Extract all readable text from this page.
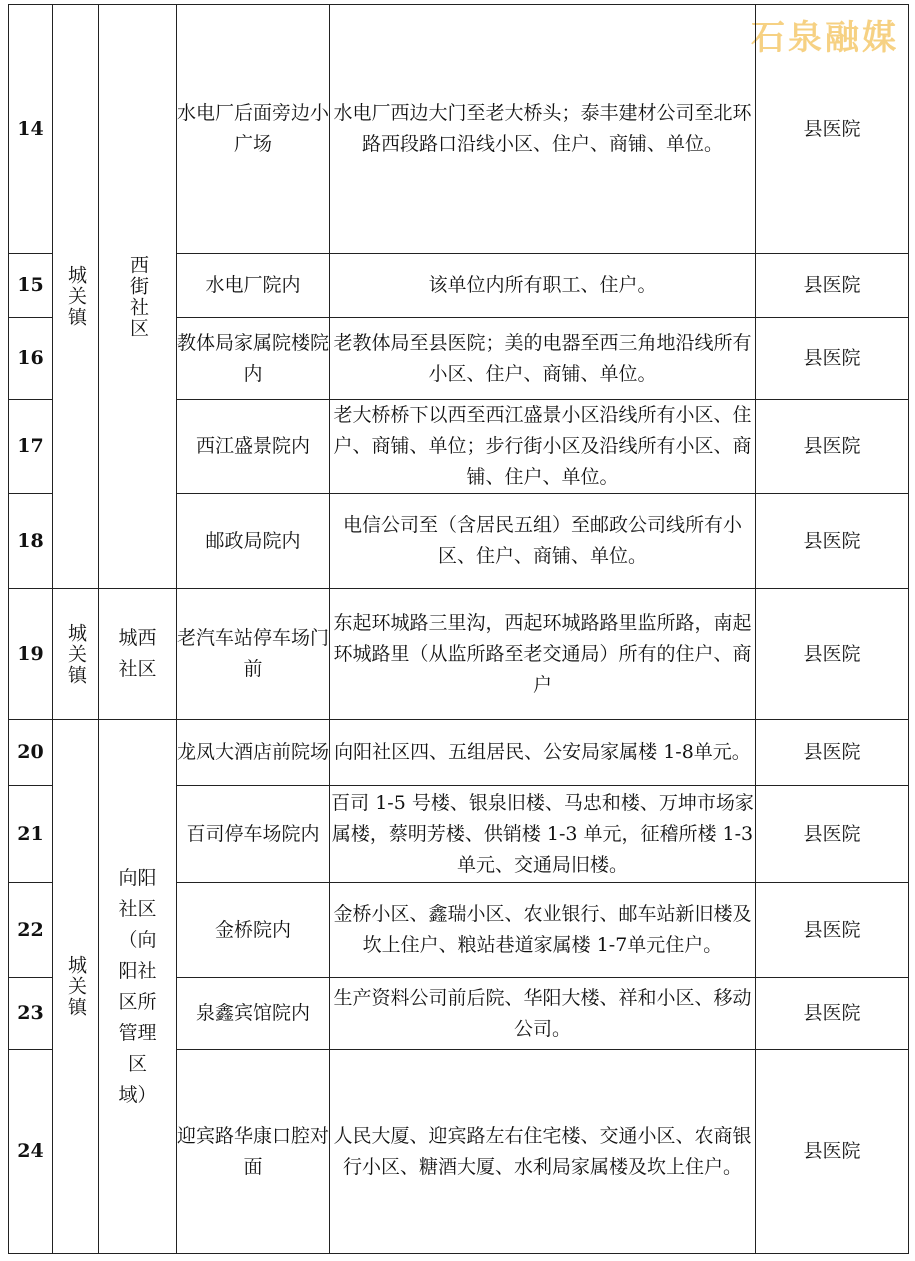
石泉融媒
14	城关镇	西街社区	水电厂后面旁边小广场	水电厂西边大门至老大桥头；泰丰建材公司至北环路西段路口沿线小区、住户、商铺、单位。	县医院
15			水电厂院内	该单位内所有职工、住户。	县医院
16			教体局家属院楼院内	老教体局至县医院；美的电器至西三角地沿线所有小区、住户、商铺、单位。	县医院
17			西江盛景院内	老大桥桥下以西至西江盛景小区沿线所有小区、住户、商铺、单位；步行街小区及沿线所有小区、商铺、住户、单位。	县医院
18			邮政局院内	电信公司至（含居民五组）至邮政公司线所有小区、住户、商铺、单位。	县医院
19	城关镇	城西社区	老汽车站停车场门前	东起环城路三里沟，西起环城路路里监所路，南起环城路里（从监所路至老交通局）所有的住户、商户	县医院
20	城关镇	向阳社区（向阳社区所管理区域）	龙凤大酒店前院场	向阳社区四、五组居民、公安局家属楼 1-8单元。	县医院
21			百司停车场院内	百司 1-5 号楼、银泉旧楼、马忠和楼、万坤市场家属楼，蔡明芳楼、供销楼 1-3 单元，征稽所楼 1-3 单元、交通局旧楼。	县医院
22			金桥院内	金桥小区、鑫瑞小区、农业银行、邮车站新旧楼及坎上住户、粮站巷道家属楼 1-7单元住户。	县医院
23			泉鑫宾馆院内	生产资料公司前后院、华阳大楼、祥和小区、移动公司。	县医院
24			迎宾路华康口腔对面	人民大厦、迎宾路左右住宅楼、交通小区、农商银行小区、糖酒大厦、水利局家属楼及坎上住户。	县医院
